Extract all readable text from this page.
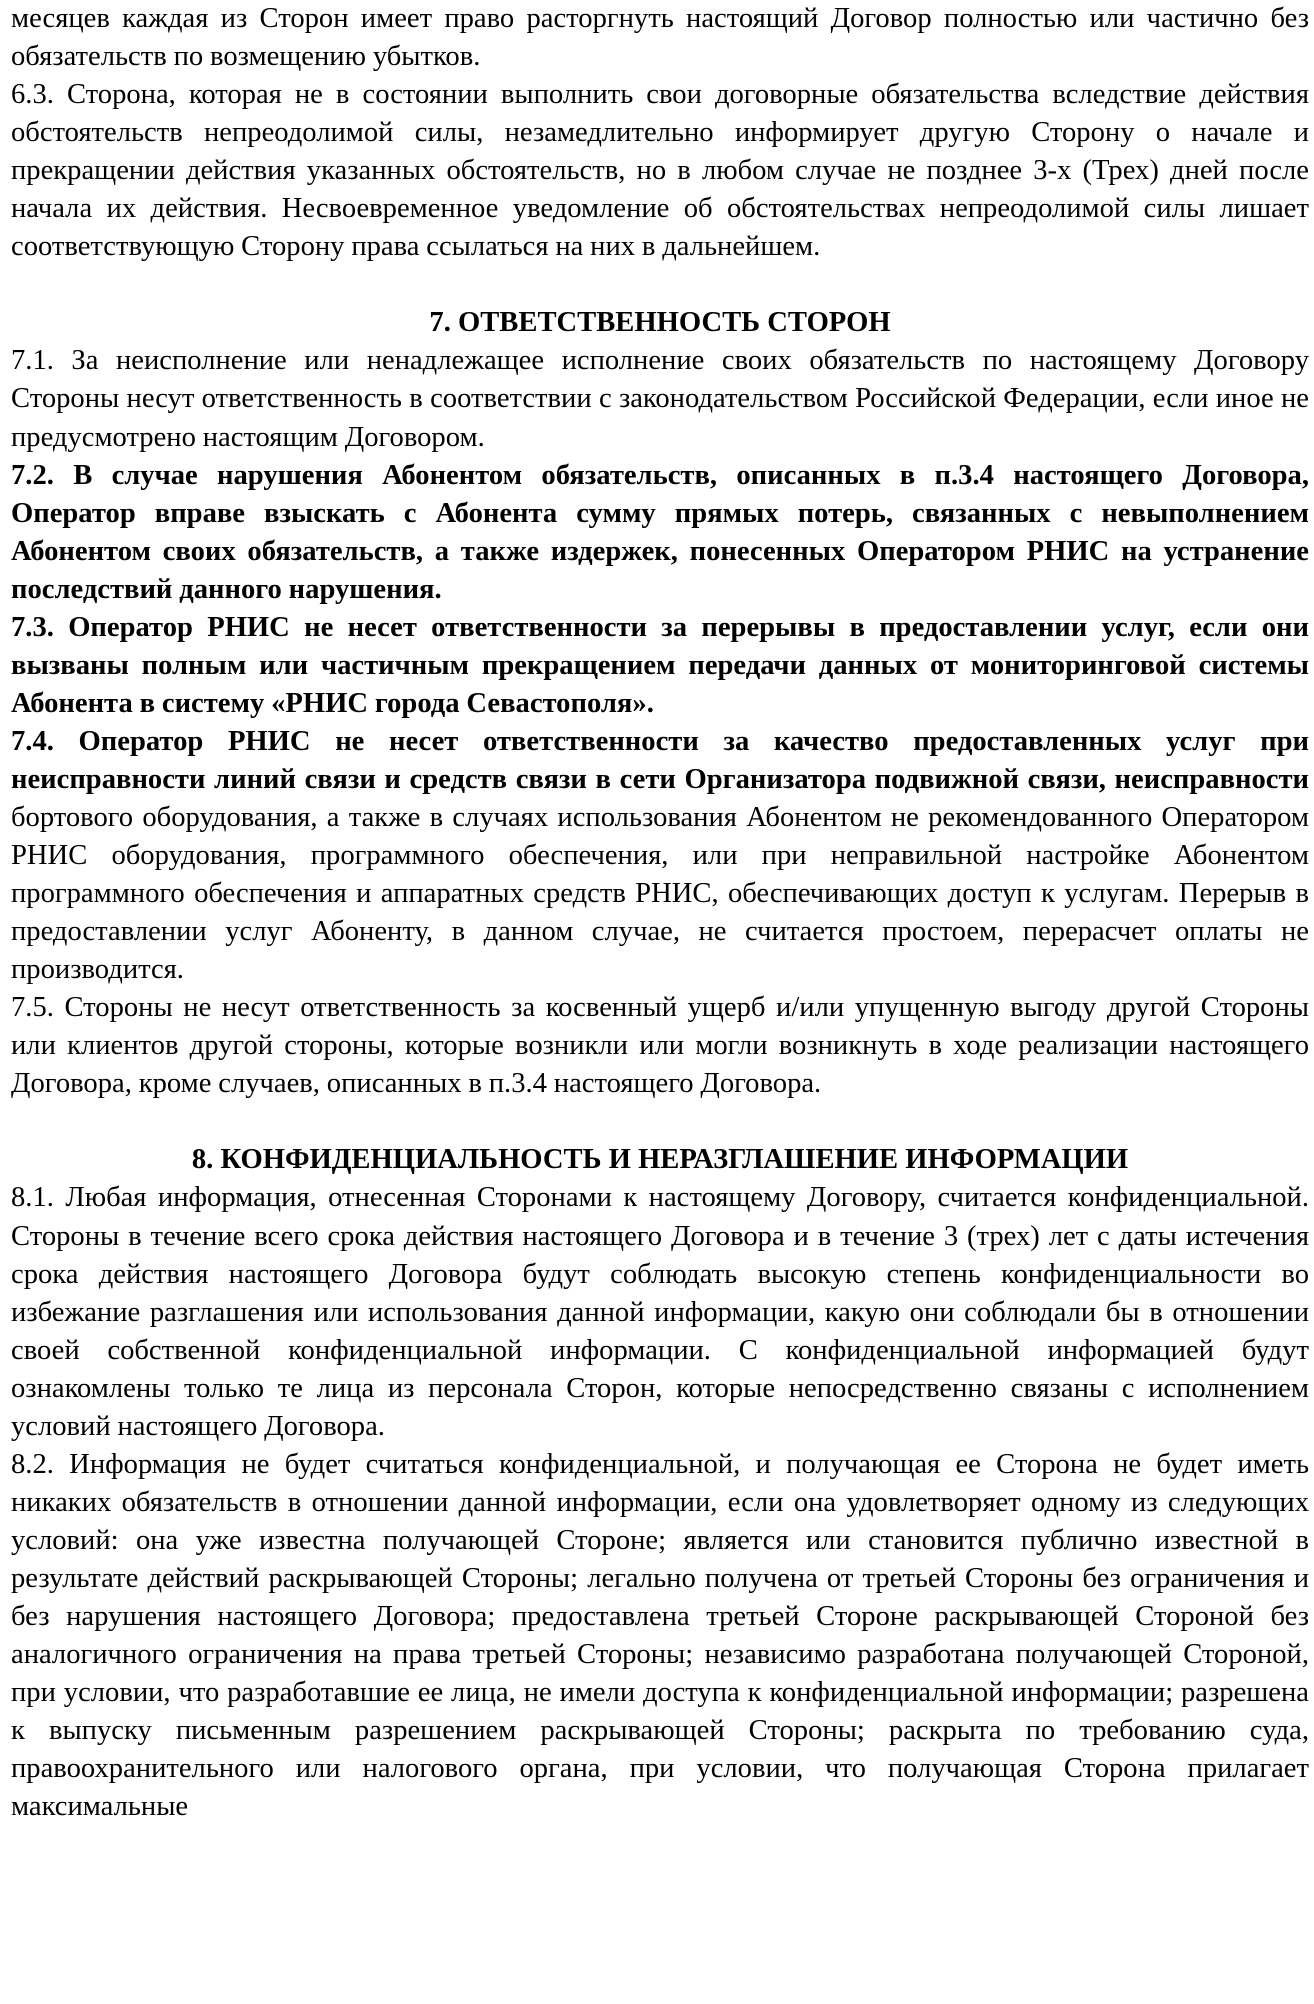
месяцев каждая из Сторон имеет право расторгнуть настоящий Договор полностью или частично без обязательств по возмещению убытков.

6.3. Сторона, которая не в состоянии выполнить свои договорные обязательства вследствие действия обстоятельств непреодолимой силы, незамедлительно информирует другую Сторону о начале и прекращении действия указанных обстоятельств, но в любом случае не позднее 3-х (Трех) дней после начала их действия. Несвоевременное уведомление об обстоятельствах непреодолимой силы лишает соответствующую Сторону права ссылаться на них в дальнейшем.

7. ОТВЕТСТВЕННОСТЬ СТОРОН

7.1. За неисполнение или ненадлежащее исполнение своих обязательств по настоящему Договору Стороны несут ответственность в соответствии с законодательством Российской Федерации, если иное не предусмотрено настоящим Договором.

7.2. В случае нарушения Абонентом обязательств, описанных в п.3.4 настоящего Договора, Оператор вправе взыскать с Абонента сумму прямых потерь, связанных с невыполнением Абонентом своих обязательств, а также издержек, понесенных Оператором РНИС на устранение последствий данного нарушения.

7.3. Оператор РНИС не несет ответственности за перерывы в предоставлении услуг, если они вызваны полным или частичным прекращением передачи данных от мониторинговой системы Абонента в систему «РНИС города Севастополя».

7.4. Оператор РНИС не несет ответственности за качество предоставленных услуг при неисправности линий связи и средств связи в сети Организатора подвижной связи, неисправности бортового оборудования, а также в случаях использования Абонентом не рекомендованного Оператором РНИС оборудования, программного обеспечения, или при неправильной настройке Абонентом программного обеспечения и аппаратных средств РНИС, обеспечивающих доступ к услугам. Перерыв в предоставлении услуг Абоненту, в данном случае, не считается простоем, перерасчет оплаты не производится.

7.5. Стороны не несут ответственность за косвенный ущерб и/или упущенную выгоду другой Стороны или клиентов другой стороны, которые возникли или могли возникнуть в ходе реализации настоящего Договора, кроме случаев, описанных в п.3.4 настоящего Договора.

8. КОНФИДЕНЦИАЛЬНОСТЬ И НЕРАЗГЛАШЕНИЕ ИНФОРМАЦИИ

8.1. Любая информация, отнесенная Сторонами к настоящему Договору, считается конфиденциальной. Стороны в течение всего срока действия настоящего Договора и в течение 3 (трех) лет с даты истечения срока действия настоящего Договора будут соблюдать высокую степень конфиденциальности во избежание разглашения или использования данной информации, какую они соблюдали бы в отношении своей собственной конфиденциальной информации. С конфиденциальной информацией будут ознакомлены только те лица из персонала Сторон, которые непосредственно связаны с исполнением условий настоящего Договора.

8.2. Информация не будет считаться конфиденциальной, и получающая ее Сторона не будет иметь никаких обязательств в отношении данной информации, если она удовлетворяет одному из следующих условий: она уже известна получающей Стороне; является или становится публично известной в результате действий раскрывающей Стороны; легально получена от третьей Стороны без ограничения и без нарушения настоящего Договора; предоставлена третьей Стороне раскрывающей Стороной без аналогичного ограничения на права третьей Стороны; независимо разработана получающей Стороной, при условии, что разработавшие ее лица, не имели доступа к конфиденциальной информации; разрешена к выпуску письменным разрешением раскрывающей Стороны; раскрыта по требованию суда, правоохранительного или налогового органа, при условии, что получающая Сторона прилагает максимальные
